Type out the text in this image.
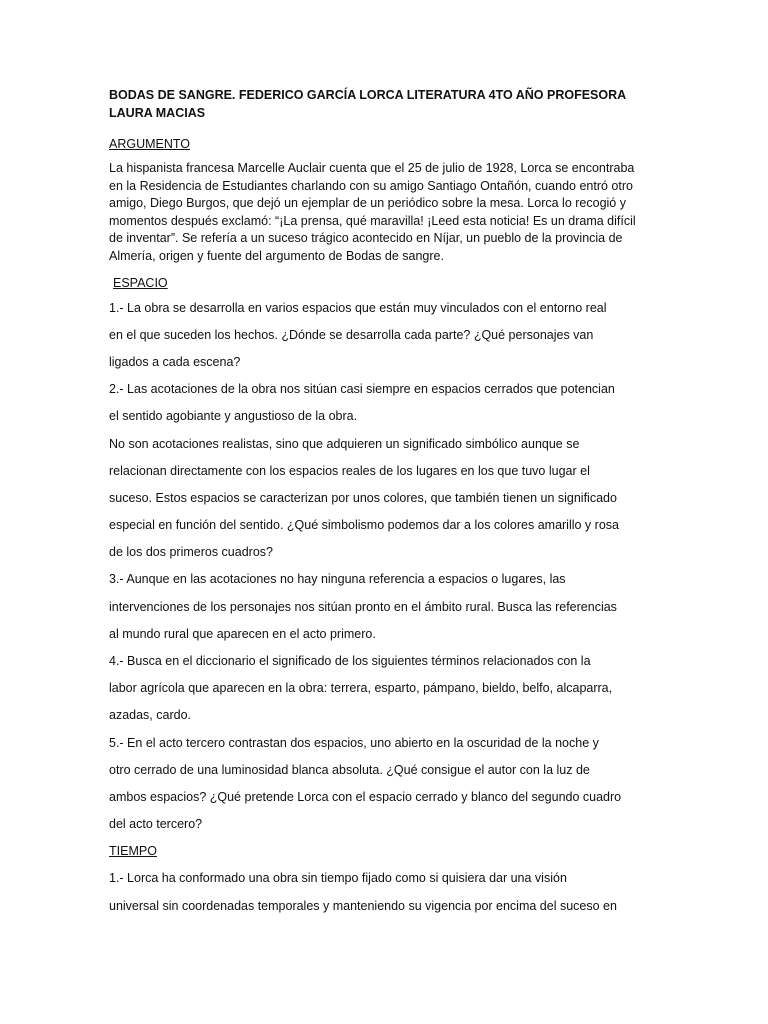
BODAS DE SANGRE. FEDERICO GARCÍA LORCA LITERATURA 4TO AÑO PROFESORA LAURA MACIAS
ARGUMENTO
La hispanista francesa Marcelle Auclair cuenta que el 25 de julio de 1928, Lorca se encontraba en la Residencia de Estudiantes charlando con su amigo Santiago Ontañón, cuando entró otro amigo, Diego Burgos, que dejó un ejemplar de un periódico sobre la mesa. Lorca lo recogió y momentos después exclamó: “¡La prensa, qué maravilla! ¡Leed esta noticia! Es un drama difícil de inventar”. Se refería a un suceso trágico acontecido en Níjar, un pueblo de la provincia de Almería, origen y fuente del argumento de Bodas de sangre.
ESPACIO
1.- La obra se desarrolla en varios espacios que están muy vinculados con el entorno real
en el que suceden los hechos. ¿Dónde se desarrolla cada parte? ¿Qué personajes van
ligados a cada escena?
2.- Las acotaciones de la obra nos sitúan casi siempre en espacios cerrados que potencian
el sentido agobiante y angustioso de la obra.
No son acotaciones realistas, sino que adquieren un significado simbólico aunque se
relacionan directamente con los espacios reales de los lugares en los que tuvo lugar el
suceso. Estos espacios se caracterizan por unos colores, que también tienen un significado
especial en función del sentido. ¿Qué simbolismo podemos dar a los colores amarillo y rosa
de los dos primeros cuadros?
3.- Aunque en las acotaciones no hay ninguna referencia a espacios o lugares, las
intervenciones de los personajes nos sitúan pronto en el ámbito rural. Busca las referencias
al mundo rural que aparecen en el acto primero.
4.- Busca en el diccionario el significado de los siguientes términos relacionados con la
labor agrícola que aparecen en la obra: terrera, esparto, pámpano, bieldo, belfo, alcaparra,
azadas, cardo.
5.- En el acto tercero contrastan dos espacios, uno abierto en la oscuridad de la noche y
otro cerrado de una luminosidad blanca absoluta. ¿Qué consigue el autor con la luz de
ambos espacios? ¿Qué pretende Lorca con el espacio cerrado y blanco del segundo cuadro
del acto tercero?
TIEMPO
1.- Lorca ha conformado una obra sin tiempo fijado como si quisiera dar una visión
universal sin coordenadas temporales y manteniendo su vigencia por encima del suceso en
